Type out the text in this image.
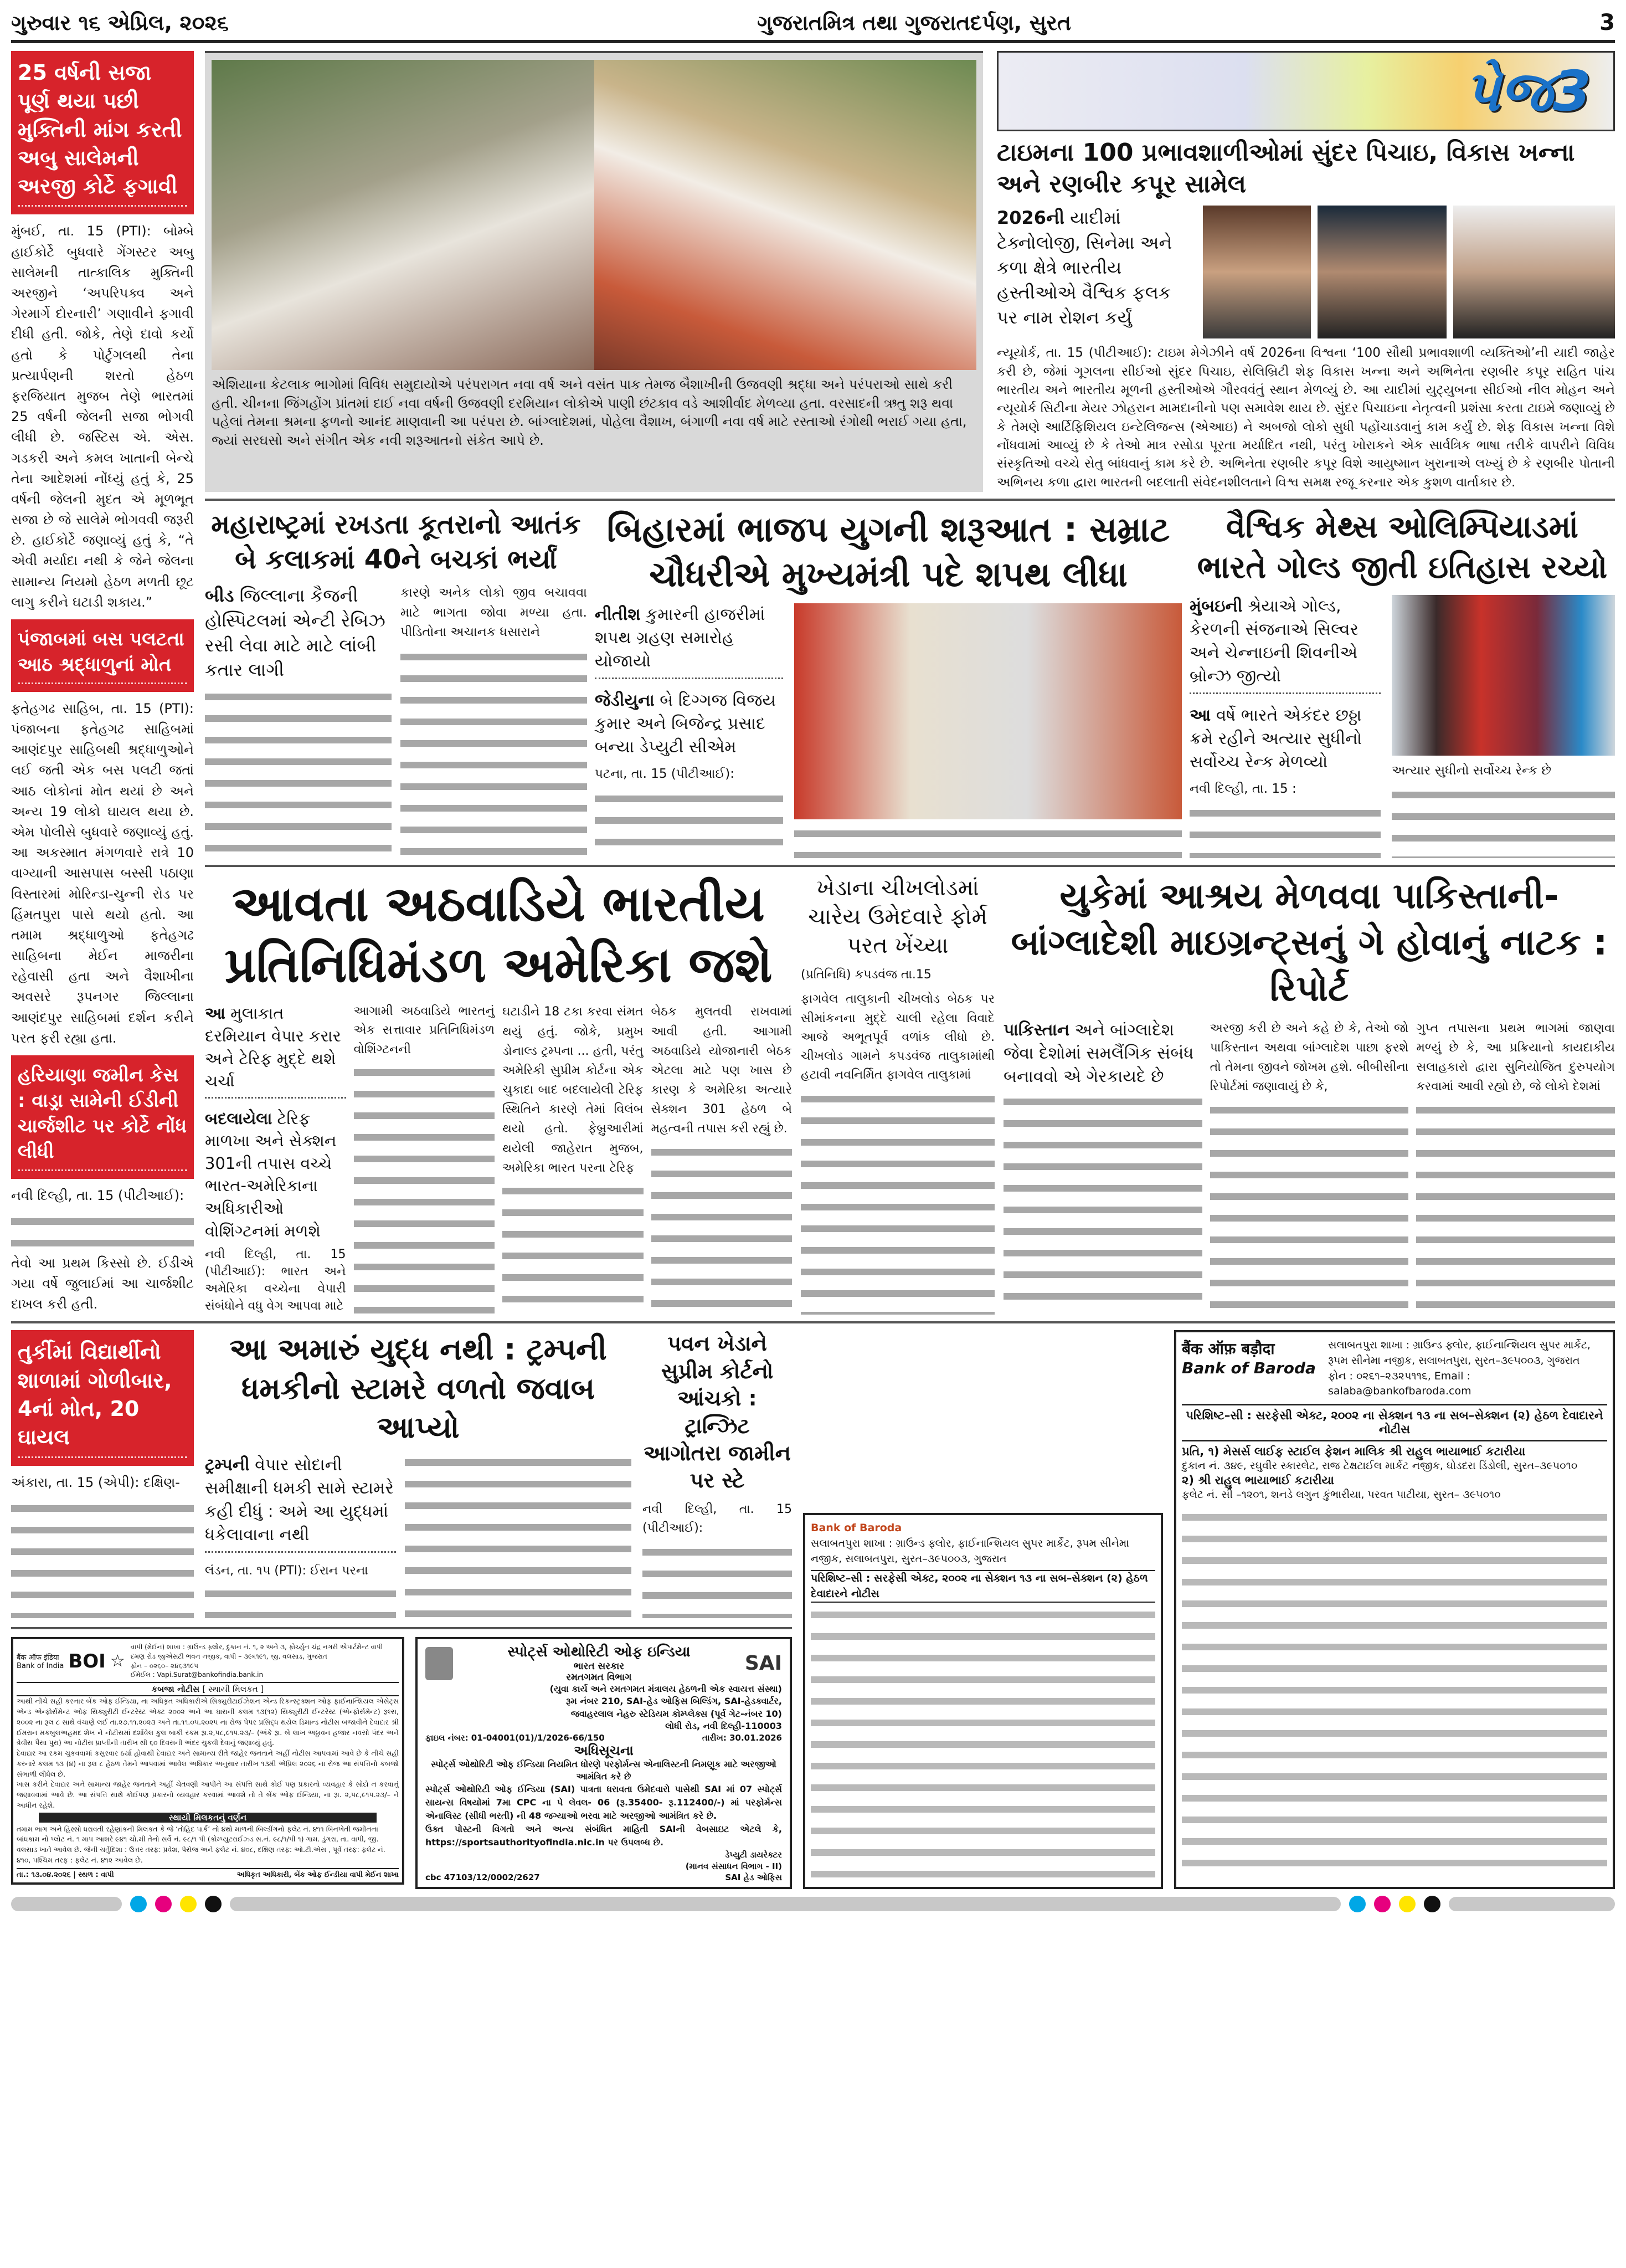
ગુરુવાર ૧૬ એપ્રિલ, ૨૦૨૬	ગુજરાતમિત્ર તથા ગુજરાતદર્પણ, સુરત	3
25 વર્ષની સજા પૂર્ણ થયા પછી મુક્તિની માંગ કરતી અબુ સાલેમની અરજી કોર્ટે ફગાવી
મુંબઈ, તા. 15 (PTI): બોમ્બે હાઈકોર્ટે બુધવારે ગેંગસ્ટર અબુ સાલેમની તાત્કાલિક મુક્તિની અરજીને ‘અપરિપક્વ અને ગેરમાર્ગે દોરનારી’ ગણાવીને ફગાવી દીધી હતી. જોકે, તેણે દાવો કર્યો હતો કે પોર્ટુગલથી તેના પ્રત્યાર્પણની શરતો હેઠળ ફરજિયાત મુજબ તેણે ભારતમાં 25 વર્ષની જેલની સજા ભોગવી લીધી છે. જસ્ટિસ એ. એસ. ગડકરી અને કમલ ખાતાની બેન્ચે તેના આદેશમાં નોંધ્યું હતું કે, 25 વર્ષની જેલની મુદત એ મૂળભૂત સજા છે જે સાલેમે ભોગવવી જરૂરી છે. હાઈકોર્ટે જણાવ્યું હતું કે, “તે એવી મર્યાદા નથી કે જેને જેલના સામાન્ય નિયમો હેઠળ મળતી છૂટ લાગુ કરીને ઘટાડી શકાય.”
પંજાબમાં બસ પલટતા આઠ શ્રદ્ધાળુનાં મોત
ફતેહગઢ સાહિબ, તા. 15 (PTI): પંજાબના ફતેહગઢ સાહિબમાં આણંદપુર સાહિબથી શ્રદ્ધાળુઓને લઈ જતી એક બસ પલટી જતાં આઠ લોકોનાં મોત થયાં છે અને અન્ય 19 લોકો ઘાયલ થયા છે. એમ પોલીસે બુધવારે જણાવ્યું હતું. આ અકસ્માત મંગળવારે રાત્રે 10 વાગ્યાની આસપાસ બસ્સી પઠાણા વિસ્તારમાં મોરિન્ડા-ચુન્ની રોડ પર હિંમતપુરા પાસે થયો હતો. આ તમામ શ્રદ્ધાળુઓ ફતેહગઢ સાહિબના મેઈન માજરીના રહેવાસી હતા અને વૈશાખીના અવસરે રૂપનગર જિલ્લાના આણંદપુર સાહિબમાં દર્શન કરીને પરત ફરી રહ્યા હતા.
હરિયાણા જમીન કેસ : વાડ્રા સામેની ઈડીની ચાર્જશીટ પર કોર્ટે નોંધ લીધી
નવી દિલ્હી, તા. 15 (પીટીઆઈ):
તેવો આ પ્રથમ કિસ્સો છે. ઈડીએ ગયા વર્ષે જુલાઈમાં આ ચાર્જશીટ દાખલ કરી હતી.
એશિયાના કેટલાક ભાગોમાં વિવિધ સમુદાયોએ પરંપરાગત નવા વર્ષ અને વસંત પાક તેમજ બૈશાખીની ઉજવણી શ્રદ્ધા અને પરંપરાઓ સાથે કરી હતી. ચીનના જિંગહોંગ પ્રાંતમાં દાઈ નવા વર્ષની ઉજવણી દરમિયાન લોકોએ પાણી છંટકાવ વડે આશીર્વાદ મેળવ્યા હતા. વરસાદની ઋતુ શરૂ થવા પહેલાં તેમના શ્રમના ફળનો આનંદ માણવાની આ પરંપરા છે. બાંગ્લાદેશમાં, પોહેલા વૈશાખ, બંગાળી નવા વર્ષ માટે રસ્તાઓ રંગોથી ભરાઈ ગયા હતા, જ્યાં સરઘસો અને સંગીત એક નવી શરૂઆતનો સંકેત આપે છે.
પેજ3
ટાઇમના 100 પ્રભાવશાળીઓમાં સુંદર પિચાઇ, વિકાસ ખન્ના અને રણબીર કપૂર સામેલ
2026ની યાદીમાં ટેક્નોલોજી, સિનેમા અને કળા ક્ષેત્રે ભારતીય હસ્તીઓએ વૈશ્વિક ફલક પર નામ રોશન કર્યું
ન્યૂયોર્ક, તા. 15 (પીટીઆઈ): ટાઇમ મેગેઝીને વર્ષ 2026ના વિશ્વના ‘100 સૌથી પ્રભાવશાળી વ્યક્તિઓ’ની યાદી જાહેર કરી છે, જેમાં ગૂગલના સીઈઓ સુંદર પિચાઇ, સેલિબ્રિટી શેફ વિકાસ ખન્ના અને અભિનેતા રણબીર કપૂર સહિત પાંચ ભારતીય અને ભારતીય મૂળની હસ્તીઓએ ગૌરવવંતું સ્થાન મેળવ્યું છે. આ યાદીમાં યુટ્યુબના સીઈઓ નીલ મોહન અને ન્યૂયોર્ક સિટીના મેયર ઝોહરાન મામદાનીનો પણ સમાવેશ થાય છે. સુંદર પિચાઇના નેતૃત્વની પ્રશંસા કરતા ટાઇમે જણાવ્યું છે કે તેમણે આર્ટિફિશિયલ ઇન્ટેલિજન્સ (એઆઇ) ને અબજો લોકો સુધી પહોંચાડવાનું કામ કર્યું છે. શેફ વિકાસ ખન્ના વિશે નોંધવામાં આવ્યું છે કે તેઓ માત્ર રસોડા પૂરતા મર્યાદિત નથી, પરંતુ ખોરાકને એક સાર્વત્રિક ભાષા તરીકે વાપરીને વિવિધ સંસ્કૃતિઓ વચ્ચે સેતુ બાંધવાનું કામ કરે છે. અભિનેતા રણબીર કપૂર વિશે આયુષ્માન ખુરાનાએ લખ્યું છે કે રણબીર પોતાની અભિનય કળા દ્વારા ભારતની બદલાતી સંવેદનશીલતાને વિશ્વ સમક્ષ રજૂ કરનાર એક કુશળ વાર્તાકાર છે.
મહારાષ્ટ્રમાં રખડતા કૂતરાનો આતંક બે કલાકમાં 40ને બચકાં ભર્યાં
બીડ જિલ્લાના કૈજની હોસ્પિટલમાં એન્ટી રેબિઝ રસી લેવા માટે માટે લાંબી કતાર લાગી
કારણે અનેક લોકો જીવ બચાવવા માટે ભાગતા જોવા મળ્યા હતા. પીડિતોના અચાનક ધસારાને
બિહારમાં ભાજપ યુગની શરૂઆત : સમ્રાટ ચૌધરીએ મુખ્યમંત્રી પદે શપથ લીધા
નીતીશ કુમારની હાજરીમાં શપથ ગ્રહણ સમારોહ યોજાયો
જેડીયુના બે દિગ્ગજ વિજય કુમાર અને બિજેન્દ્ર પ્રસાદ બન્યા ડેપ્યુટી સીએમ
પટના, તા. 15 (પીટીઆઈ):
વૈશ્વિક મેથ્સ ઓલિમ્પિયાડમાં ભારતે ગોલ્ડ જીતી ઇતિહાસ રચ્યો
મુંબઇની શ્રેયાએ ગોલ્ડ, કેરળની સંજનાએ સિલ્વર અને ચેન્નાઇની શિવનીએ બ્રોન્ઝ જીત્યો
આ વર્ષે ભારતે એકંદર છઠ્ઠા ક્રમે રહીને અત્યાર સુધીનો સર્વોચ્ચ રેન્ક મેળવ્યો
નવી દિલ્હી, તા. 15 :
અત્યાર સુધીનો સર્વોચ્ચ રેન્ક છે
આવતા અઠવાડિયે ભારતીય પ્રતિનિધિમંડળ અમેરિકા જશે
આ મુલાકાત દરમિયાન વેપાર કરાર અને ટેરિફ મુદ્દે થશે ચર્ચા
બદલાયેલા ટેરિફ માળખા અને સેક્શન 301ની તપાસ વચ્ચે ભારત-અમેરિકાના અધિકારીઓ વોશિંગ્ટનમાં મળશે
નવી દિલ્હી, તા. 15 (પીટીઆઈ): ભારત અને અમેરિકા વચ્ચેના વેપારી સંબંધોને વધુ વેગ આપવા માટે
આગામી અઠવાડિયે ભારતનું એક સત્તાવાર પ્રતિનિધિમંડળ વોશિંગ્ટનની
ઘટાડીને 18 ટકા કરવા સંમત થયું હતું. જોકે, પ્રમુખ ડોનાલ્ડ ટ્રમ્પના ... હતી, પરંતુ અમેરિકી સુપ્રીમ કોર્ટના એક ચુકાદા બાદ બદલાયેલી ટેરિફ સ્થિતિને કારણે તેમાં વિલંબ થયો હતો. ફેબ્રુઆરીમાં થયેલી જાહેરાત મુજબ, અમેરિકા ભારત પરના ટેરિફ
બેઠક મુલતવી રાખવામાં આવી હતી. આગામી અઠવાડિયે યોજાનારી બેઠક એટલા માટે પણ ખાસ છે કારણ કે અમેરિકા અત્યારે સેક્શન 301 હેઠળ બે મહત્વની તપાસ કરી રહ્યું છે.
ખેડાના ચીખલોડમાં ચારેય ઉમેદવારે ફોર્મ પરત ખેંચ્યા
(પ્રતિનિધિ) કપડવંજ તા.15
ફાગવેલ તાલુકાની ચીખલોડ બેઠક પર સીમાંકનના મુદ્દે ચાલી રહેલા વિવાદે આજે અભૂતપૂર્વ વળાંક લીધો છે. ચીખલોડ ગામને કપડવંજ તાલુકામાંથી હટાવી નવનિર્મિત ફાગવેલ તાલુકામાં
યુકેમાં આશ્રય મેળવવા પાકિસ્તાની-બાંગ્લાદેશી માઇગ્રન્ટ્સનું ગે હોવાનું નાટક : રિપોર્ટ
પાકિસ્તાન અને બાંગ્લાદેશ જેવા દેશોમાં સમલૈંગિક સંબંધ બનાવવો એ ગેરકાયદે છે
અરજી કરી છે અને કહે છે કે, તેઓ જો પાકિસ્તાન અથવા બાંગ્લાદેશ પાછા ફરશે તો તેમના જીવને જોખમ હશે. બીબીસીના રિપોર્ટમાં જણાવાયું છે કે,
ગુપ્ત તપાસના પ્રથમ ભાગમાં જાણવા મળ્યું છે કે, આ પ્રક્રિયાનો કાયદાકીય સલાહકારો દ્વારા સુનિયોજિત દુરુપયોગ કરવામાં આવી રહ્યો છે, જે લોકો દેશમાં
તુર્કીમાં વિદ્યાર્થીનો શાળામાં ગોળીબાર, 4નાં મોત, 20 ઘાયલ
અંકારા, તા. 15 (એપી): દક્ષિણ-
આ અમારું યુદ્ધ નથી : ટ્રમ્પની ધમકીનો સ્ટામરે વળતો જવાબ આપ્યો
ટ્રમ્પની વેપાર સોદાની સમીક્ષાની ધમકી સામે સ્ટામરે કહી દીધું : અમે આ યુદ્ધમાં ધકેલાવાના નથી
લંડન, તા. ૧૫ (PTI): ઈરાન પરના
પવન ખેડાને સુપ્રીમ કોર્ટનો આંચકો : ટ્રાન્ઝિટ આગોતરા જામીન પર સ્ટે
નવી દિલ્હી, તા. 15 (પીટીઆઈ):
बैंक ऑफ इंडिया
Bank of India BOI ☆
વાપી (મેઈન) શાખા : ગ્રાઉન્ડ ફ્લોર, દુકાન નં. ૧, ૨ અને ૩, ફોર્ચ્યુન ચંદ્ર નગરી એપાર્ટમેન્ટ વાપી દમણ રોડ જીએસટી ભવન નજીક, વાપી – ૩૯૬૧૯૧, જી. વલસાડ, ગુજરાત
ફોન – ૦૨૬૦– ૨૪૬૩૧૯૫
ઈમેઈલ : Vapi.Surat@bankofindia.bank.in
કબજા નોટીસ [ સ્થાયી મિલકત ]

આથી નીચે સહી કરનાર બેંક ઓફ ઈન્ડિયા, ના અધિકૃત અધિકારીએ સિક્યુરીટાઈઝેશન એન્ડ રિકન્સ્ટ્રક્શન ઓફ ફાઈનાન્શિયલ એસેટ્સ એન્ડ એન્ફોર્સમેન્ટ ઓફ સિક્યુરીટી ઈન્ટરેસ્ટ એક્ટ ૨૦૦૨ અને આ ધારાની કલમ ૧૩(૧૨) સિક્યુરીટી ઈન્ટરેસ્ટ (એન્ફોર્સમેન્ટ) રૂલ્સ, ૨૦૦૨ ના રૂલ ૮ સાથે વંચાણે લઈ તા.૨૭.૧૧.૨૦૨૩ અને તા.૧૧.૦૫.૨૦૨૫ ના રોજ પેપર પ્રસિદ્ધ થયેલ ડિમાન્ડ નોટીસ બજાવીને દેવાદાર શ્રી ઈમરાન મકબુલઅહમદ શેખ ને નોટીસમાં દર્શાવેલ કુલ બાકી રકમ રૂા.૨,૫૮,૯૧૫.૨૩/– (અંકે રૂા. બે લાખ અઠ્ઠાવન હજાર નવસો પંદર અને ત્રેવીસ પૈસા પુરા) આ નોટીસ પ્રાપ્તીની તારીખ થી ૬૦ દિવસની અંદર ચુકવી દેવાનું જણાવ્યું હતું.

દેવાદાર આ રકમ ચુકવવામાં કસુરવાર ઠર્યા હોવાથી દેવાદાર અને સામાન્ય રીતે જાહેર જનતાને અહીં નોટીસ આપવામાં આવે છે કે નીચે સહી કરનારે કલમ ૧૩ (૪) ના રૂલ ૮ હેઠળ તેમને આપવામાં આવેલ અધિકાર અનુસાર તારીખ ૧૩મી એપ્રિલ ૨૦૨૬ ના રોજ આ સંપત્તિનો કબજો સંભાળી લીધેલ છે.

ખાસ કરીને દેવાદાર અને સામાન્ય જાહેર જનતાને અહીં ચેતવણી આપીને આ સંપત્તિ સાથે કોઈ પણ પ્રકારનો વ્યવહાર કે સોદો ન કરવાનું જણાવવામાં આવે છે. આ સંપત્તિ સાથે કોઈપણ પ્રકારનો વ્યવહાર કરવામાં આવશે તો તે બેંક ઓફ ઈન્ડિયા, ના રૂા. ૨,૫૮,૯૧૫.૨૩/– ને આધીન રહેશે.

સ્થાયી મિલકતનું વર્ણન
તમામ ભાગ અને હિસ્સો ધરાવતી રહેણાંકની મિલકત કે જે ‘તોહિદ પાર્ક’ નો ૪થો માળની બિલ્ડીંગનો ફલેટ નં. ૪૧૧ બિનખેતી જમીનના બાંધકામ નો પ્લોટ નં. ૧ માપ આશરે ૯૪૧ ચો.મી તેનો સર્વે નં. ૯૮/૧ પી (કોમ્પ્યુટરાઈઝ્ડ સ.નં. ૯૮/૧/પી ૧) ગામ. ડુંગરા, તા. વાપી, જી. વલસાડ ખાતે આવેલ છે. જેની ચર્તુદિશા : ઉત્તર તરફ: પ્રવેશ, પેસેજ અને ફલેટ નં. ૪૦૮, દક્ષિણ તરફ: ઓ.ટી.એસ , પૂર્વે તરફ: ફલેટ નં. ૪૧૦, પશ્ચિમ તરફ : ફલેટ નં. ૪૧૨ આવેલ છે.
તા.: ૧૩.૦૪.૨૦૨૬ | સ્થળ : વાપી	અધિકૃત અધિકારી, બેંક ઓફ ઈન્ડીયા વાપી મેઈન શાખા
સ્પોર્ટ્સ ઓથોરિટી ઓફ ઇન્ડિયા
ભારત સરકાર
રમતગમત વિભાગ
SAI
(યુવા કાર્ય અને રમતગમત મંત્રાલય હેઠળની એક સ્વાયત્ત સંસ્થા)
રૂમ નંબર 210, SAI-હેડ ઓફિસ બિલ્ડિંગ, SAI-હેડક્વાર્ટર,
જવાહરલાલ નેહરુ સ્ટેડિયમ કોમ્પ્લેક્સ (પૂર્વ ગેટ-નંબર 10)
લોધી રોડ, નવી દિલ્હી-110003
ફાઇલ નંબર: 01-04001(01)/1/2026-66/150	તારીખ: 30.01.2026
અધિસૂચના
સ્પોર્ટ્સ ઓથોરિટી ઓફ ઈન્ડિયા નિયમિત ધોરણે પરફોર્મન્સ એનાલિસ્ટની નિમણૂક માટે અરજીઓ આમંત્રિત કરે છે
સ્પોર્ટ્સ ઓથોરિટી ઓફ ઈન્ડિયા (SAI) પાત્રતા ધરાવતા ઉમેદવારો પાસેથી SAI માં 07 સ્પોર્ટ્સ સાયન્સ વિષયોમાં 7મા CPC ના પે લેવલ- 06 (રૂ.35400- રૂ.112400/-) માં પરફોર્મન્સ એનાલિસ્ટ (સીધી ભરતી) ની 48 જગ્યાઓ ભરવા માટે અરજીઓ આમંત્રિત કરે છે.
ઉક્ત પોસ્ટની વિગતો અને અન્ય સંબંધિત માહિતી SAIની વેબસાઇટ એટલે કે, https://sportsauthorityofindia.nic.in પર ઉપલબ્ધ છે.
ડેપ્યુટી ડાયરેક્ટર
(માનવ સંસાધન વિભાગ - II)
cbc 47103/12/0002/2627	SAI હેડ ઓફિસ
Bank of Baroda
સલાબતપુરા શાખા : ગ્રાઉન્ડ ફ્લોર, ફાઈનાન્શિયલ સુપર માર્કેટ, રૂપમ સીનેમા નજીક, સલાબતપુરા, સુરત–૩૯૫૦૦૩, ગુજરાત
પરિશિષ્ટ–સી : સરફેસી એક્ટ, ૨૦૦૨ ના સેક્શન ૧૩ ના સબ–સેક્શન (૨) હેઠળ દેવાદારને નોટીસ
बैंक ऑफ़ बड़ौदा
Bank of Baroda
સલાબતપુરા શાખા : ગ્રાઉન્ડ ફ્લોર, ફાઈનાન્શિયલ સુપર માર્કેટ, રૂપમ સીનેમા નજીક, સલાબતપુરા, સુરત–૩૯૫૦૦૩, ગુજરાત
ફોન : ૦૨૬૧–૨૩૨૫૧૧૬, Email : salaba@bankofbaroda.com
પરિશિષ્ટ–સી : સરફેસી એક્ટ, ૨૦૦૨ ના સેક્શન ૧૩ ના સબ–સેક્શન (૨) હેઠળ દેવાદારને નોટીસ
પ્રતિ, ૧) મેસર્સ લાઈફ સ્ટાઈલ ફેશન માલિક શ્રી રાહુલ ભાયાભાઈ કટારીયા
દુકાન નં. ૩૪૯, રઘુવીર સ્કારલેટ, રાજ ટેક્ષટાઈલ માર્કેટ નજીક, ઘોડદરા ડિંડોલી, સુરત–૩૯૫૦૧૦
૨) શ્રી રાહુલ ભાયાભાઈ કટારીયા
ફલેટ નં. સી –૧૨૦૧, શનડે લગુન કુંભારીયા, પરવત પાટીયા, સુરત– ૩૯૫૦૧૦
